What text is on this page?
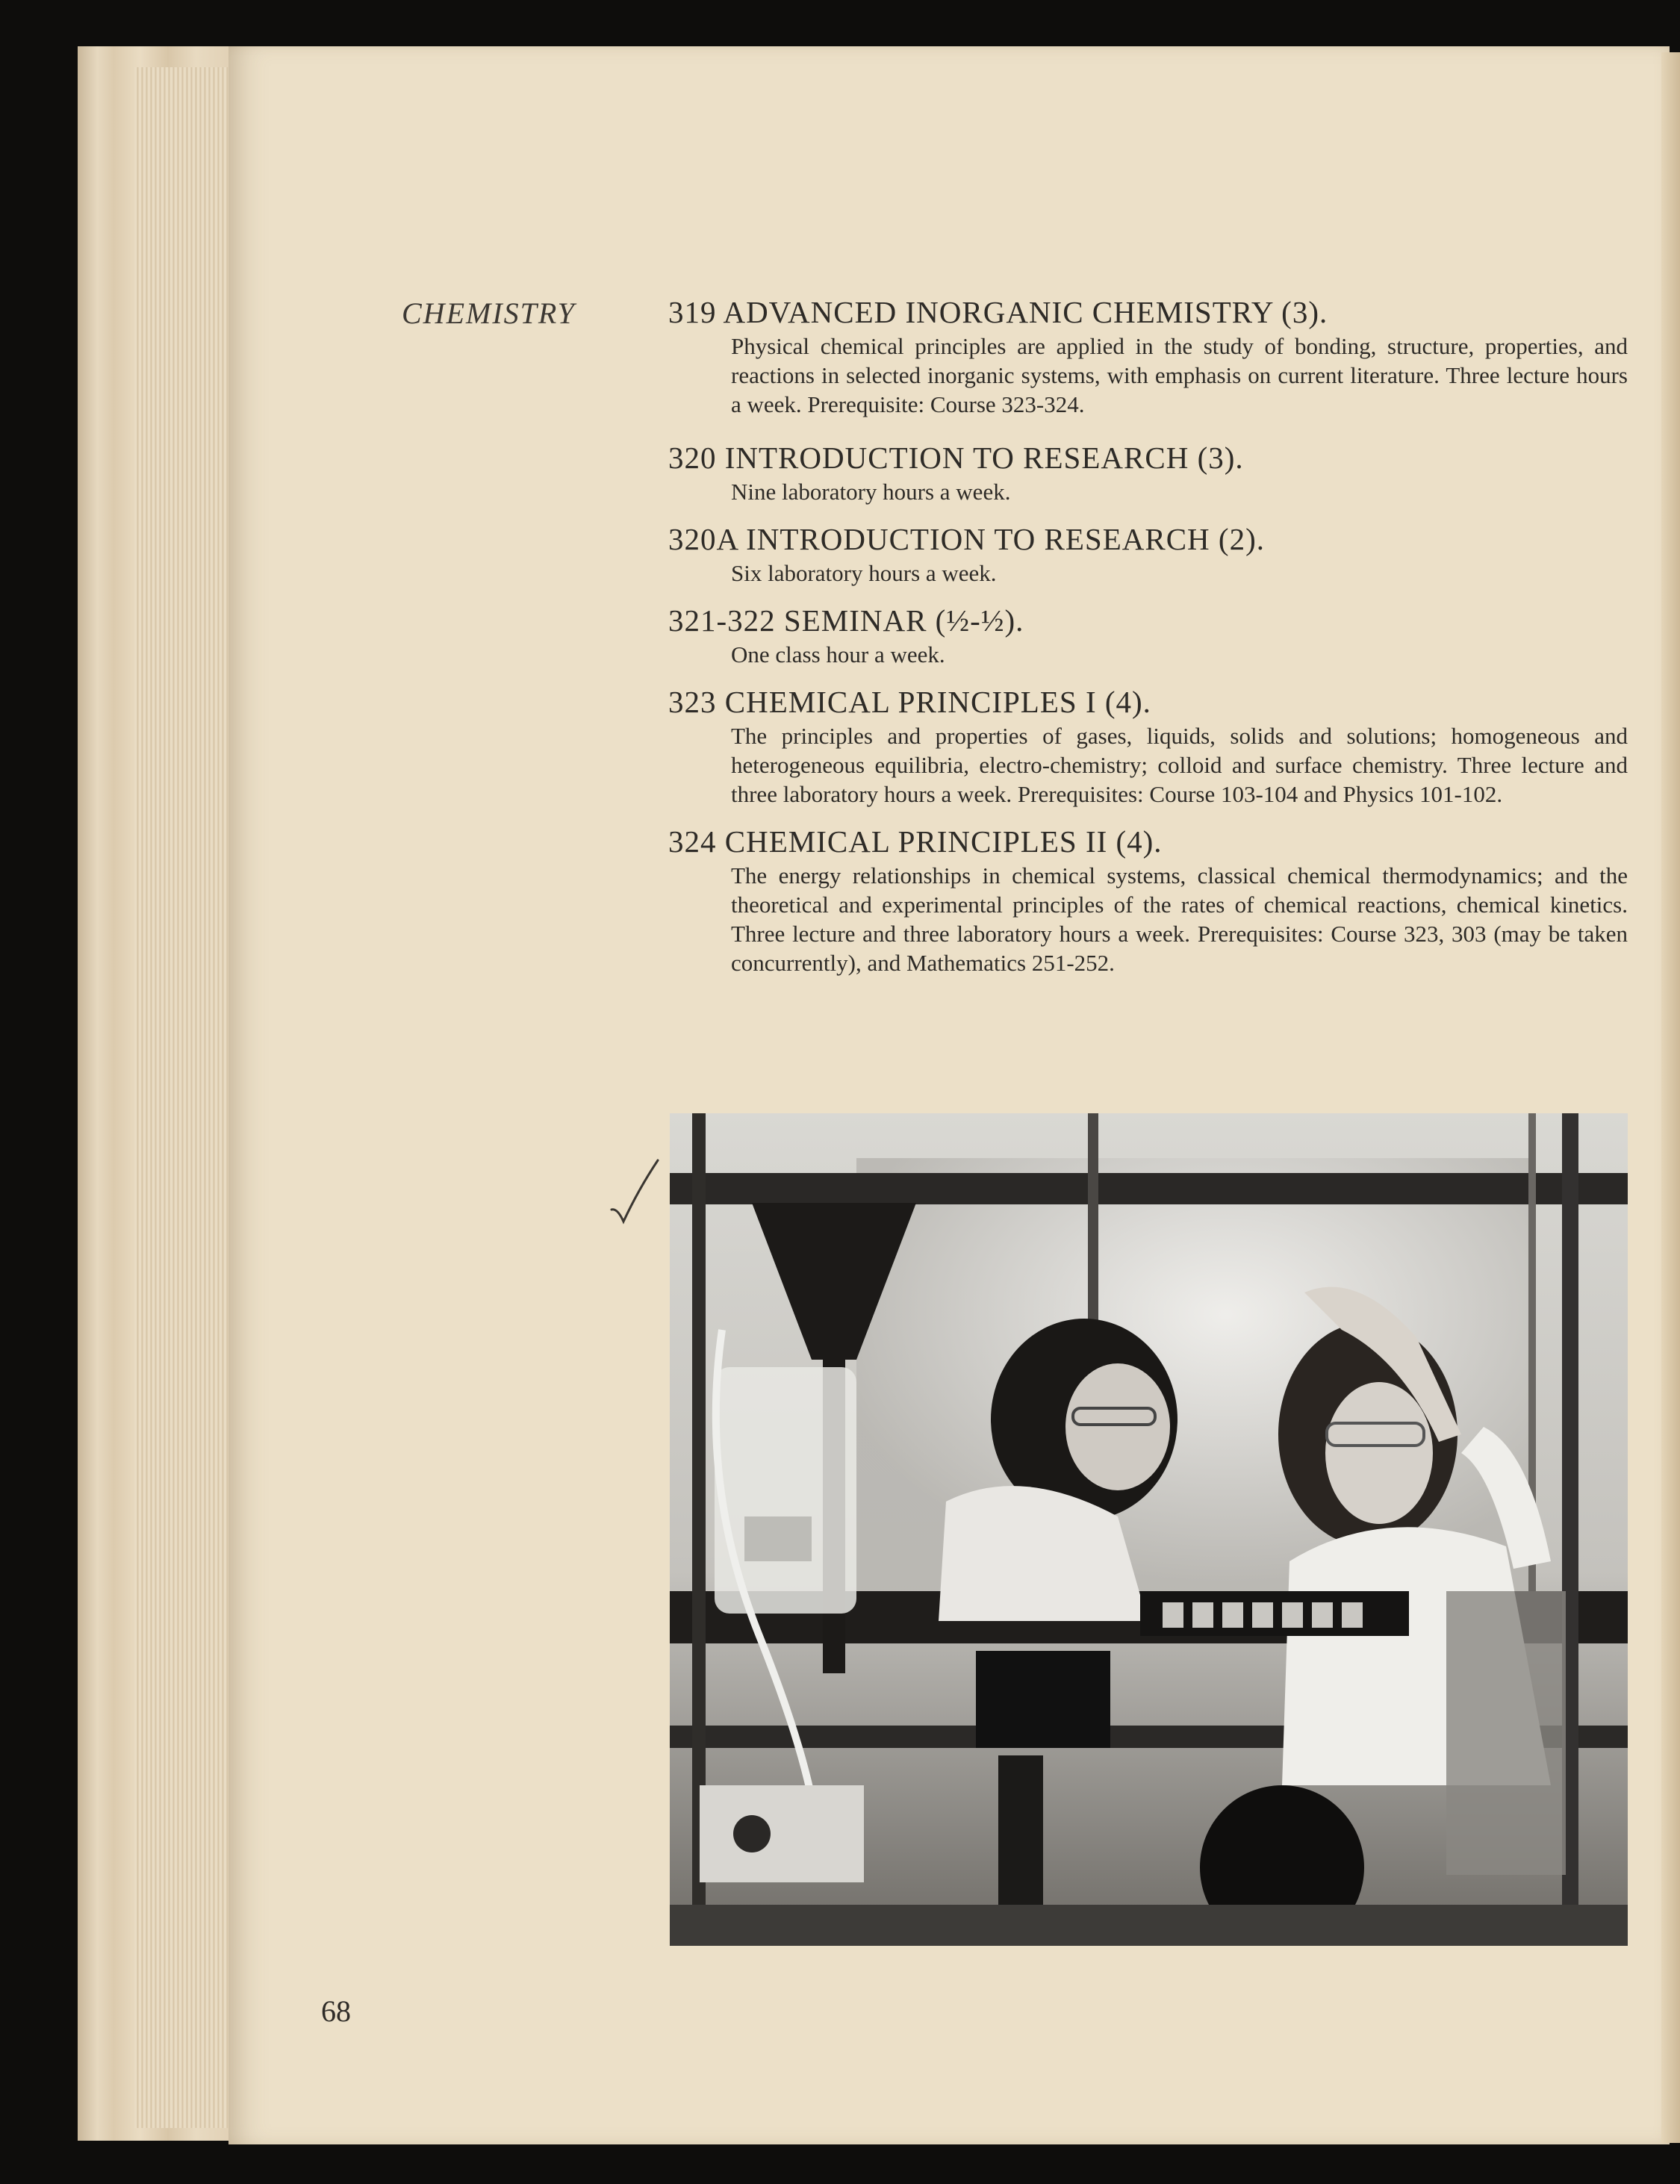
CHEMISTRY	319 ADVANCED INORGANIC CHEMISTRY (3).
Physical chemical principles are applied in the study of bonding, structure, properties, and reactions in selected inorganic systems, with emphasis on current literature. Three lecture hours a week. Prerequisite: Course 323-324.
320 INTRODUCTION TO RESEARCH (3).
Nine laboratory hours a week.
320A INTRODUCTION TO RESEARCH (2).
Six laboratory hours a week.
321-322 SEMINAR (½-½).
One class hour a week.
323 CHEMICAL PRINCIPLES I (4).
The principles and properties of gases, liquids, solids and solutions; homogeneous and heterogeneous equilibria, electro-chemistry; colloid and surface chemistry. Three lecture and three laboratory hours a week. Prerequisites: Course 103-104 and Physics 101-102.
324 CHEMICAL PRINCIPLES II (4).
The energy relationships in chemical systems, classical chemical thermodynamics; and the theoretical and experimental principles of the rates of chemical reactions, chemical kinetics. Three lecture and three laboratory hours a week. Prerequisites: Course 323, 303 (may be taken concurrently), and Mathematics 251-252.
68
